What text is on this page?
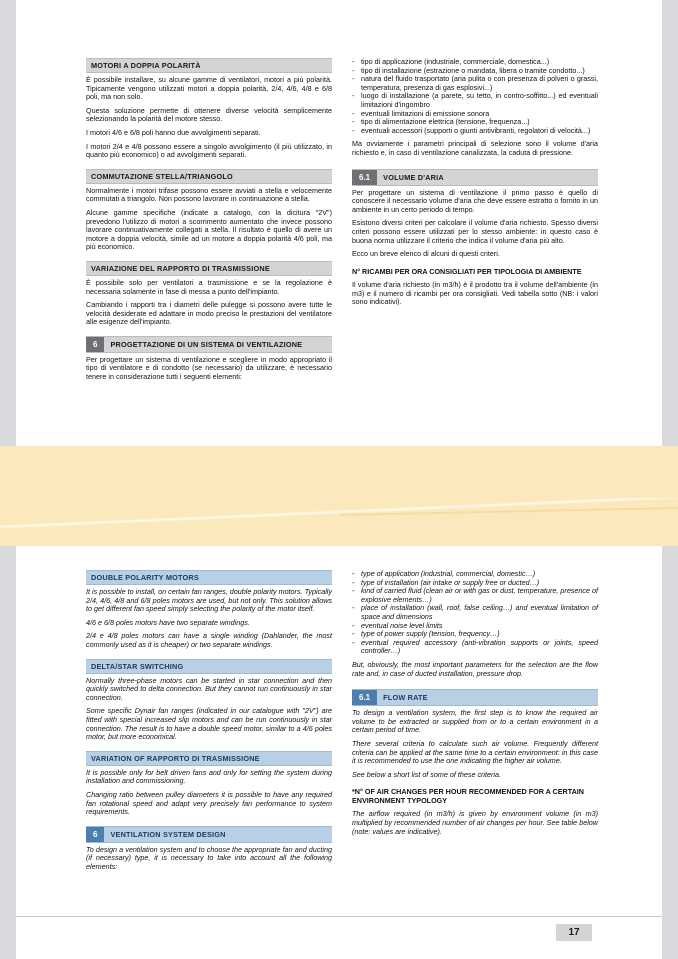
MOTORI A DOPPIA POLARITÀ

È possibile installare, su alcune gamme di ventilatori, motori a più polarità. Tipicamente vengono utilizzati motori a doppia polarità, 2/4, 4/6, 4/8 e 6/8 poli, ma non solo.

Questa soluzione permette di ottenere diverse velocità semplicemente selezionando la polarità del motore stesso.

I motori 4/6 e 6/8 poli hanno due avvolgimenti separati.

I motori 2/4 e 4/8 possono essere a singolo avvolgimento (il più utilizzato, in quanto più economico) o ad avvolgimenti separati.

COMMUTAZIONE STELLA/TRIANGOLO

Normalmente i motori trifase possono essere avviati a stella e velocemente commutati a triangolo. Non possono lavorare in continuazione a stella.

Alcune gamme specifiche (indicate a catalogo, con la dicitura "2V") prevedono l'utilizzo di motori a scorrimento aumentato che invece possono lavorare continuativamente collegati a stella. Il risultato è quello di avere un motore a doppia velocità, simile ad un motore a doppia polarità 4/6 poli, ma più economico.

VARIAZIONE DEL RAPPORTO DI TRASMISSIONE

È possibile solo per ventilatori a trasmissione e se la regolazione è necessaria solamente in fase di messa a punto dell'impianto.

Cambiando i rapporti tra i diametri delle pulegge si possono avere tutte le velocità desiderate ed adattare in modo preciso le prestazioni del ventilatore alle esigenze dell'impianto.

6	PROGETTAZIONE DI UN SISTEMA DI VENTILAZIONE

Per progettare un sistema di ventilazione e scegliere in modo appropriato il tipo di ventilatore e di condotto (se necessario) da utilizzare, è necessario tenere in considerazione tutti i seguenti elementi:

- tipo di applicazione (industriale, commerciale, domestica...)
- tipo di installazione (estrazione o mandata, libera o tramite condotto...)
- natura del fluido trasportato (aria pulita o con presenza di polveri o grassi, temperatura, presenza di gas esplosivi...)
- luogo di installazione (a parete, su tetto, in contro-soffitto...) ed eventuali limitazioni d'ingombro
- eventuali limitazioni di emissione sonora
- tipo di alimentazione elettrica (tensione, frequenza...)
- eventuali accessori (supporti o giunti antivibranti, regolatori di velocità...)

Ma ovviamente i parametri principali di selezione sono il volume d'aria richiesto e, in caso di ventilazione canalizzata, la caduta di pressione.

6.1	VOLUME D'ARIA

Per progettare un sistema di ventilazione il primo passo è quello di conoscere il necessario volume d'aria che deve essere estratto o fornito in un ambiente in un certo periodo di tempo.

Esistono diversi criteri per calcolare il volume d'aria richiesto. Spesso diversi criteri possono essere utilizzati per lo stesso ambiente: in questo caso è buona norma utilizzare il criterio che indica il volume d'aria più alto.

Ecco un breve elenco di alcuni di questi criteri.

N° RICAMBI PER ORA CONSIGLIATI PER TIPOLOGIA DI AMBIENTE

Il volume d'aria richiesto (in m3/h) è il prodotto tra il volume dell'ambiente (in m3) e il numero di ricambi per ora consigliati. Vedi tabella sotto (NB: i valori sono indicativi).

DOUBLE POLARITY MOTORS

It is possible to install, on certain fan ranges, double polarity motors. Typically 2/4, 4/6, 4/8 and 6/8 poles motors are used, but not only. This solution allows to get different fan speed simply selecting the polarity of the motor itself.

4/6 e 6/8 poles motors have two separate windings.

2/4 e 4/8 poles motors can have a single winding (Dahlander, the most commonly used as it is cheaper) or two separate windings.

DELTA/STAR SWITCHING

Normally three-phase motors can be started in star connection and then quickly switched to delta connection. But they cannot run continuously in star connection.

Some specific Dynair fan ranges (indicated in our catalogue with "2V") are fitted with special increased slip motors and can be run continuously in star connection. The result is to have a double speed motor, similar to a 4/6 poles motor, but more economical.

VARIATION OF RAPPORTO DI TRASMISSIONE

It is possible only for belt driven fans and only for setting the system during installation and commissioning.

Changing ratio between pulley diameters it is possible to have any required fan rotational speed and adapt very precisely fan performance to system requirements.

6	VENTILATION SYSTEM DESIGN

To design a ventilation system and to choose the appropriate fan and ducting (if necessary) type, it is necessary to take into account all the following elements:

- type of application (industrial, commercial, domestic…)
- type of installation (air intake or supply free or ducted…)
- kind of carried fluid (clean air or with gas or dust, temperature, presence of explosive elements…)
- place of installation (wall, roof, false ceiling…) and eventual limitation of space and dimensions
- eventual noise level limits
- type of power supply (tension, frequency…)
- eventual required accessory (anti-vibration supports or joints, speed controller…)

But, obviously, the most important parameters for the selection are the flow rate and, in case of ducted installation, pressure drop.

6.1	FLOW RATE

To design a ventilation system, the first step is to know the required air volume to be extracted or supplied from or to a certain environment in a certain period of time.

There several criteria to calculate such air volume. Frequently different criteria can be applied at the same time to a certain environment: in this case it is recommended to use the one indicating the higher air volume.

See below a short list of some of these criteria.

*N° OF AIR CHANGES PER HOUR RECOMMENDED FOR A CERTAIN ENVIRONMENT TYPOLOGY

The airflow required (in m3/h) is given by environment volume (in m3) multiplied by recommended number of air changes per hour. See table below (note: values are indicative).

17
